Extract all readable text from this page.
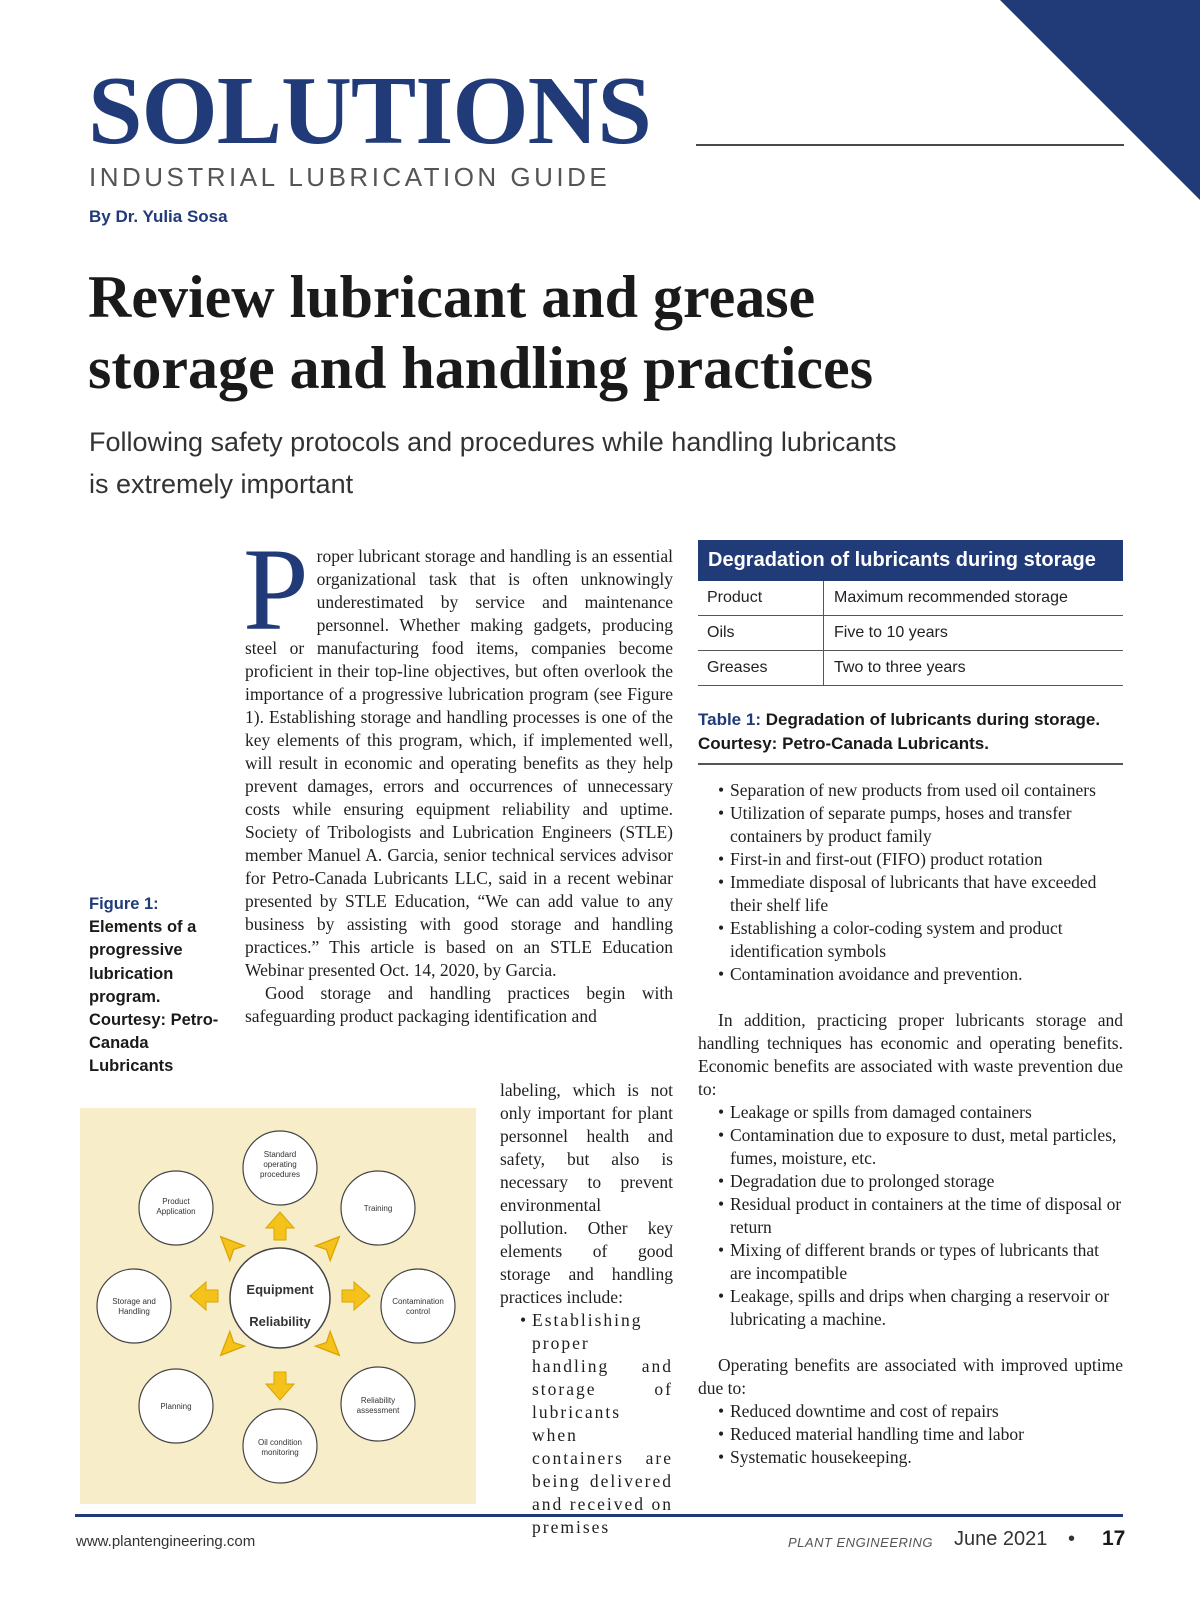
SOLUTIONS
INDUSTRIAL LUBRICATION GUIDE
By Dr. Yulia Sosa
Review lubricant and grease
storage and handling practices
Following safety protocols and procedures while handling lubricants
is extremely important
P roper lubricant storage and handling is an essential organizational task that is often unknowingly underestimated by service and maintenance personnel. Whether making gadgets, producing steel or manufacturing food items, companies become proficient in their top-line objectives, but often overlook the importance of a progressive lubrication program (see Figure 1). Establishing storage and handling processes is one of the key elements of this program, which, if implemented well, will result in economic and operating benefits as they help prevent damages, errors and occurrences of unnecessary costs while ensuring equipment reliability and uptime. Society of Tribologists and Lubrication Engineers (STLE) member Manuel A. Garcia, senior technical services advisor for Petro-Canada Lubricants LLC, said in a recent webinar presented by STLE Education, “We can add value to any business by assisting with good storage and handling practices.” This article is based on an STLE Education Webinar presented Oct. 14, 2020, by Garcia.

Good storage and handling practices begin with safeguarding product packaging identification and

labeling, which is not only important for plant personnel health and safety, but also is necessary to prevent environmental pollution. Other key elements of good storage and handling practices include:

• Establishing proper handling and storage of lubricants when containers are being delivered and received on premises
Figure 1:
Elements of a progressive lubrication program. Courtesy: Petro-Canada Lubricants
Equipment
Reliability
Standard
operating
procedures
Training
Contamination
control
Reliability
assessment
Oil condition
monitoring
Planning
Storage and
Handling
Product
Application
Degradation of lubricants during storage
Product	Maximum recommended storage
Oils	Five to 10 years
Greases	Two to three years
Table 1: Degradation of lubricants during storage. Courtesy: Petro-Canada Lubricants.
• Separation of new products from used oil containers
• Utilization of separate pumps, hoses and transfer containers by product family
• First-in and first-out (FIFO) product rotation
• Immediate disposal of lubricants that have exceeded their shelf life
• Establishing a color-coding system and product identification symbols
• Contamination avoidance and prevention.

In addition, practicing proper lubricants storage and handling techniques has economic and operating benefits. Economic benefits are associated with waste prevention due to:

• Leakage or spills from damaged containers
• Contamination due to exposure to dust, metal particles, fumes, moisture, etc.
• Degradation due to prolonged storage
• Residual product in containers at the time of disposal or return
• Mixing of different brands or types of lubricants that are incompatible
• Leakage, spills and drips when charging a reservoir or lubricating a machine.

Operating benefits are associated with improved uptime due to:

• Reduced downtime and cost of repairs
• Reduced material handling time and labor
• Systematic housekeeping.
www.plantengineering.com	PLANT ENGINEERING June 2021 • 17
